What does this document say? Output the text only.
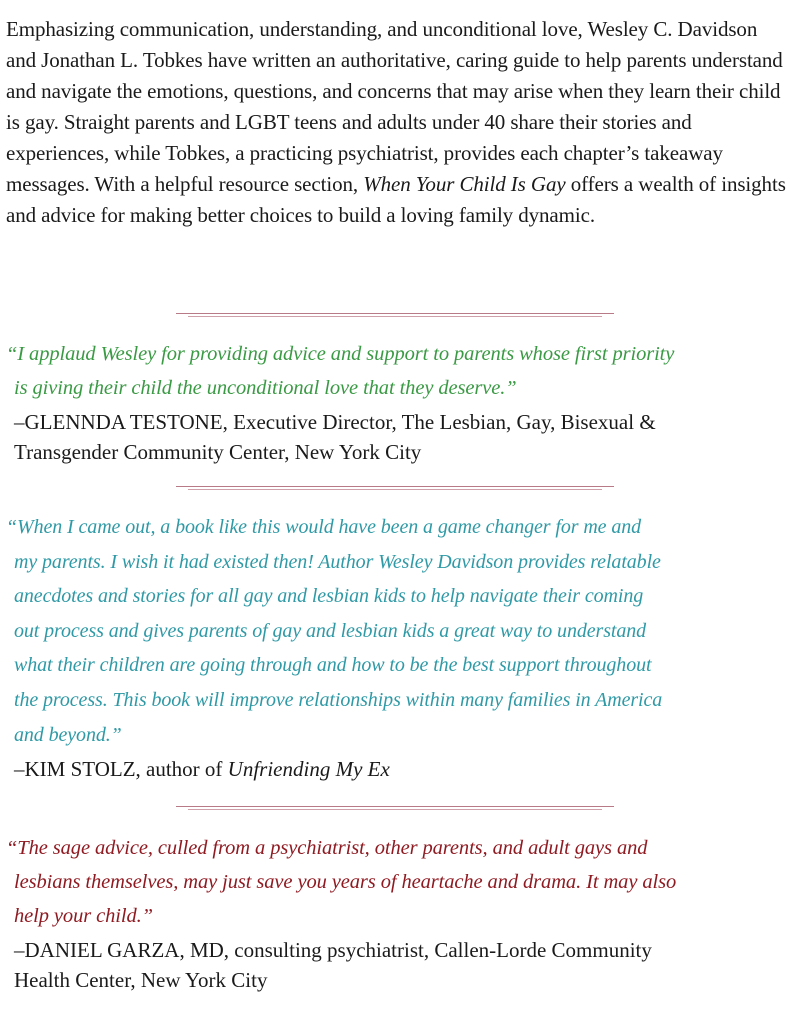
Emphasizing communication, understanding, and unconditional love, Wesley C. Davidson and Jonathan L. Tobkes have written an authoritative, caring guide to help parents understand and navigate the emotions, questions, and concerns that may arise when they learn their child is gay. Straight parents and LGBT teens and adults under 40 share their stories and experiences, while Tobkes, a practicing psychiatrist, provides each chapter’s takeaway messages. With a helpful resource section, When Your Child Is Gay offers a wealth of insights and advice for making better choices to build a loving family dynamic.

“I applaud Wesley for providing advice and support to parents whose first priority
is giving their child the unconditional love that they deserve.”

–GLENNDA TESTONE, Executive Director, The Lesbian, Gay, Bisexual &
Transgender Community Center, New York City

“When I came out, a book like this would have been a game changer for me and
my parents. I wish it had existed then! Author Wesley Davidson provides relatable
anecdotes and stories for all gay and lesbian kids to help navigate their coming
out process and gives parents of gay and lesbian kids a great way to understand
what their children are going through and how to be the best support throughout
the process. This book will improve relationships within many families in America
and beyond.”

–KIM STOLZ, author of Unfriending My Ex

“The sage advice, culled from a psychiatrist, other parents, and adult gays and
lesbians themselves, may just save you years of heartache and drama. It may also
help your child.”

–DANIEL GARZA, MD, consulting psychiatrist, Callen-Lorde Community
Health Center, New York City
